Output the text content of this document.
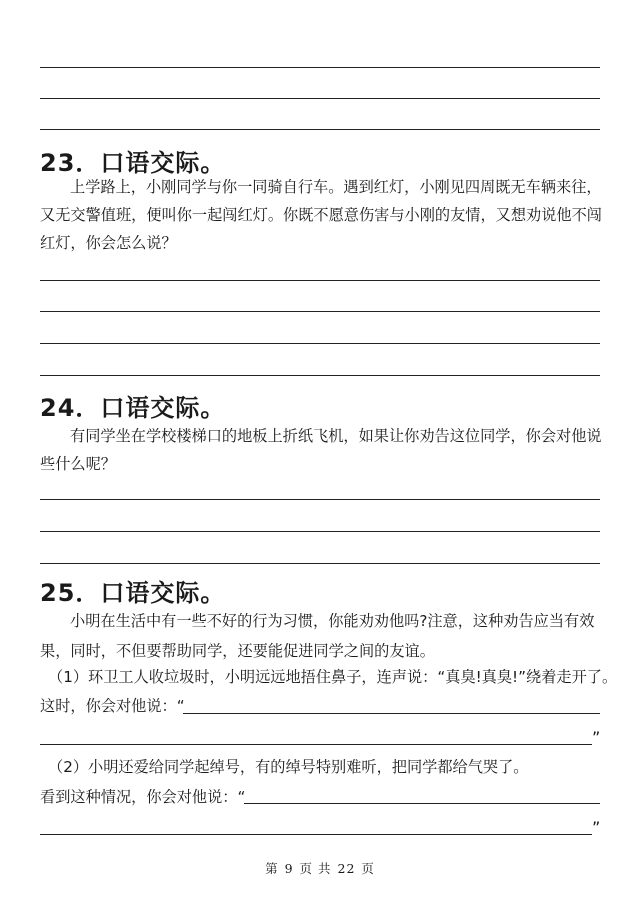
23．口语交际。

上学路上，小刚同学与你一同骑自行车。遇到红灯，小刚见四周既无车辆来往，又无交警值班，便叫你一起闯红灯。你既不愿意伤害与小刚的友情，又想劝说他不闯红灯，你会怎么说？

24．口语交际。

有同学坐在学校楼梯口的地板上折纸飞机，如果让你劝告这位同学，你会对他说些什么呢？

25．口语交际。

小明在生活中有一些不好的行为习惯，你能劝劝他吗?注意，这种劝告应当有效果，同时，不但要帮助同学，还要能促进同学之间的友谊。

（1）环卫工人收垃圾时，小明远远地捂住鼻子，连声说：“真臭!真臭!”绕着走开了。
这时，你会对他说：“
”
（2）小明还爱给同学起绰号，有的绰号特别难听，把同学都给气哭了。
看到这种情况，你会对他说：“
”
第 9 页 共 22 页
